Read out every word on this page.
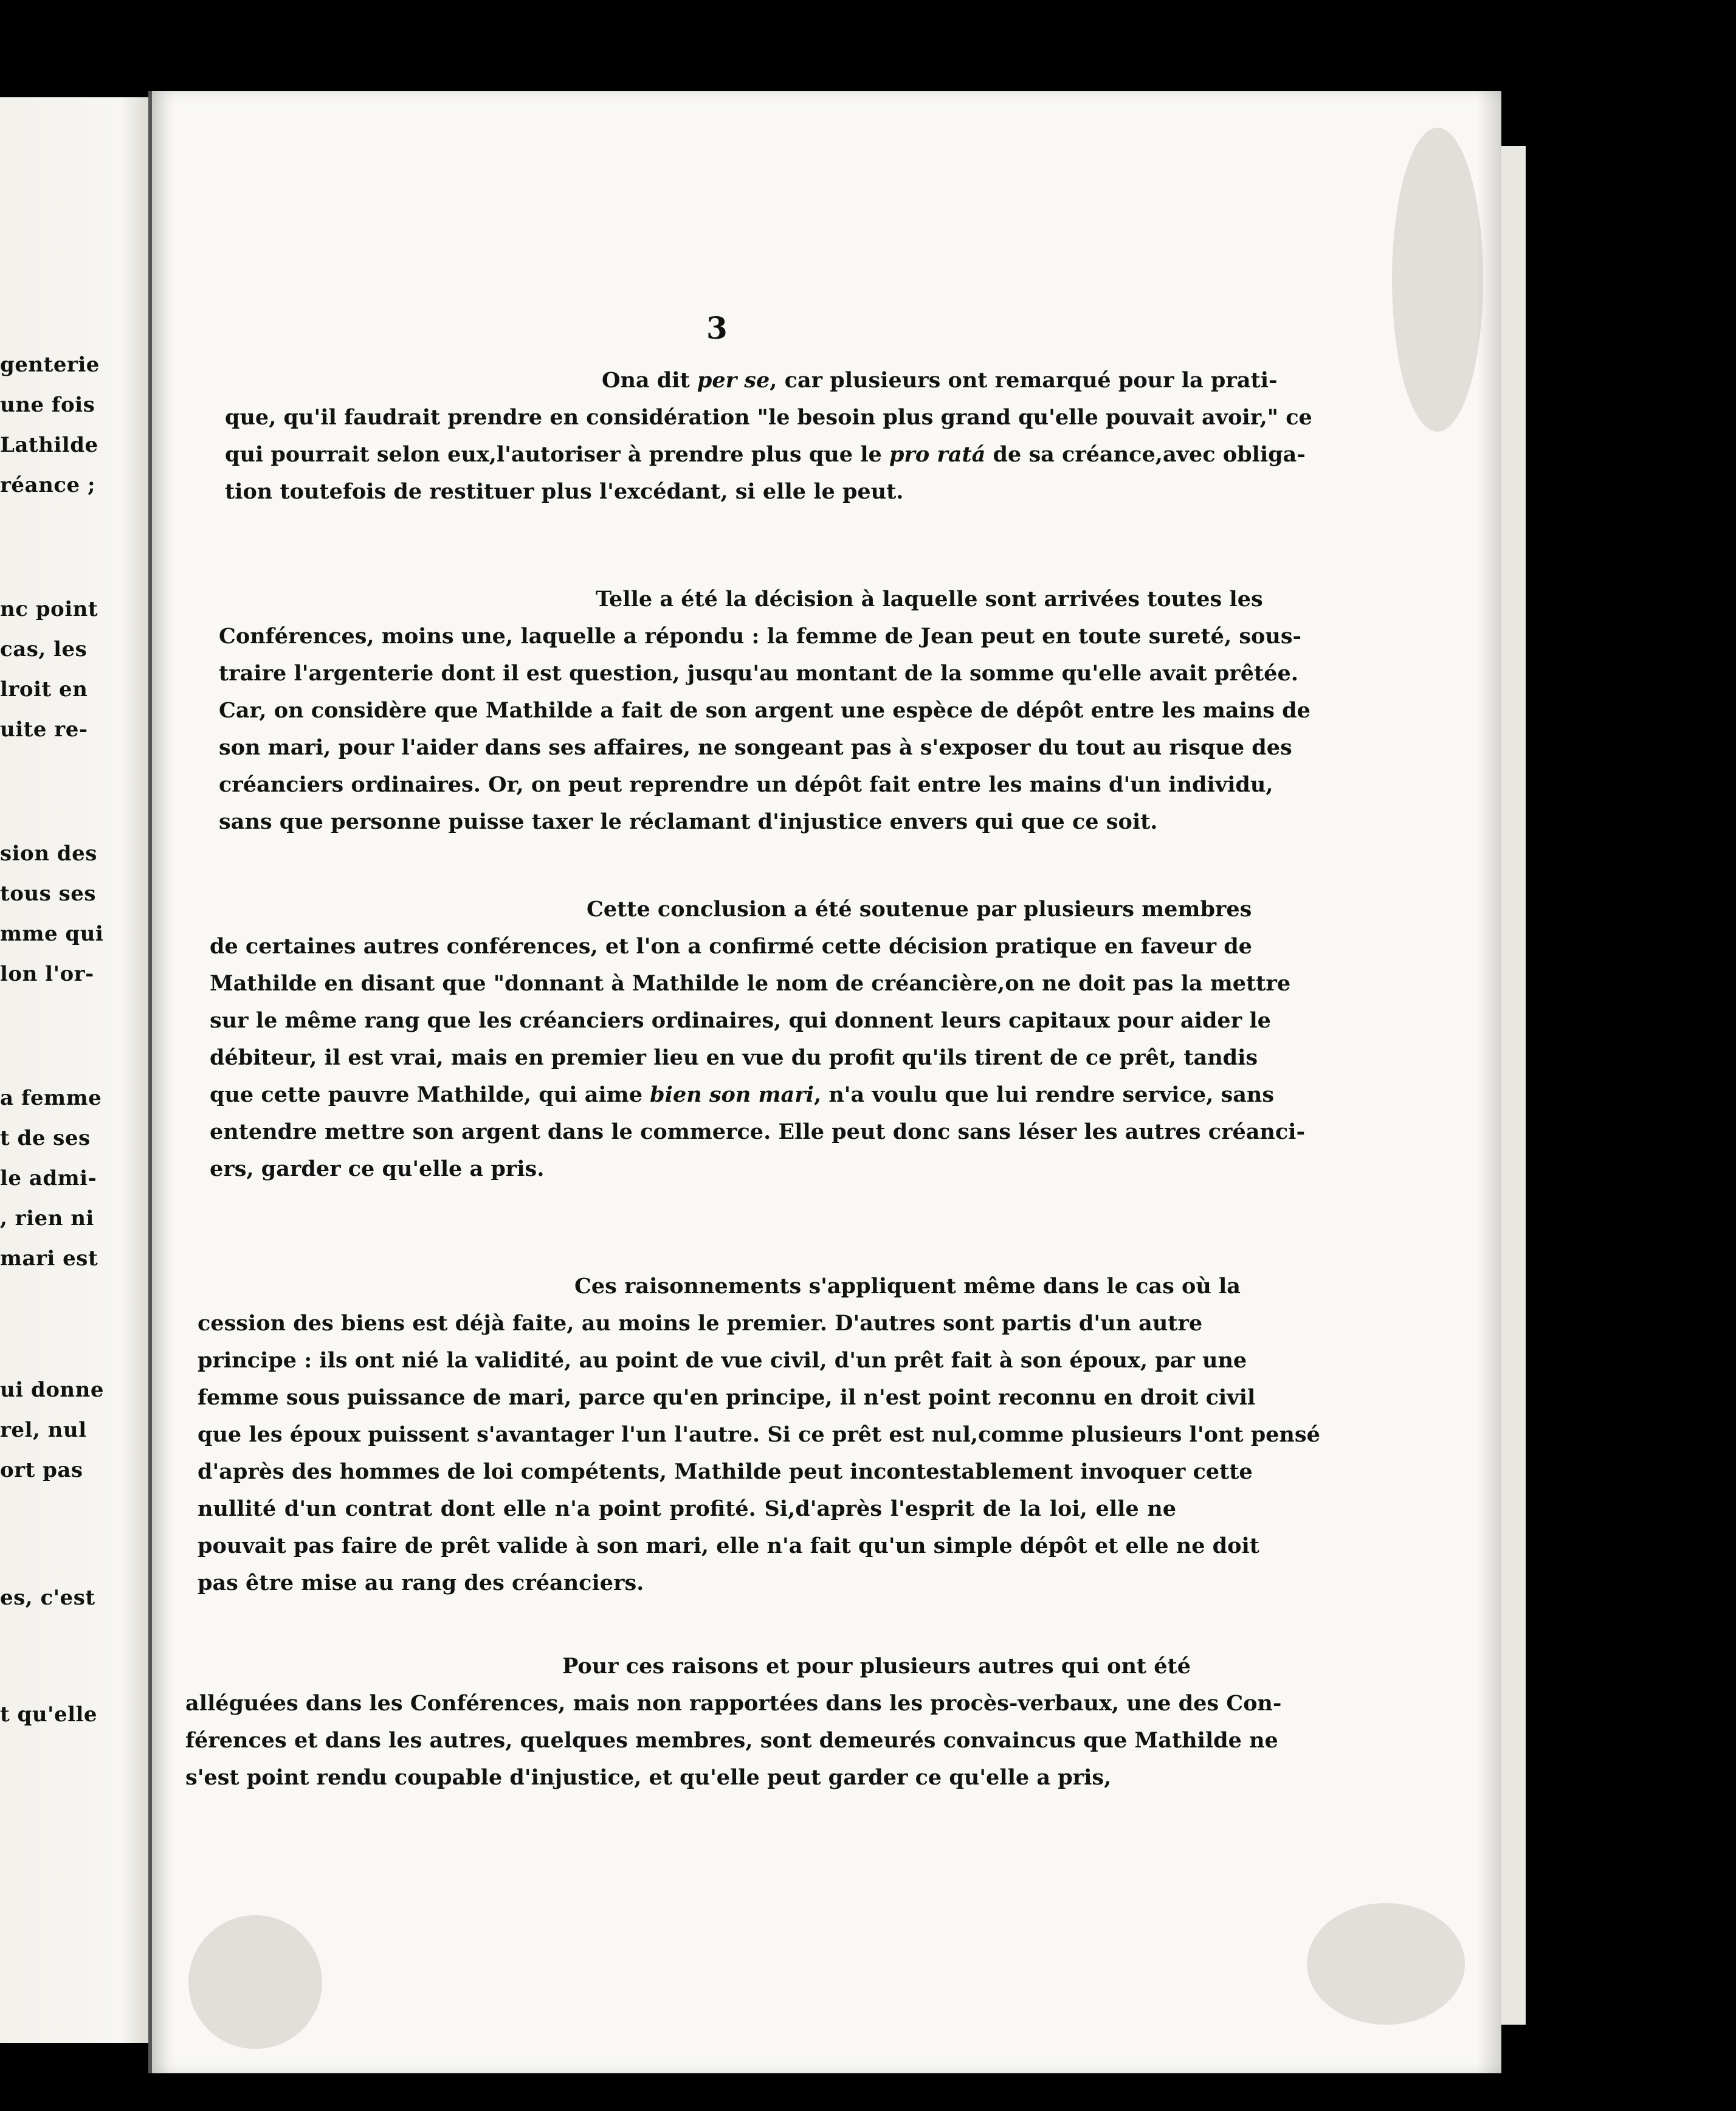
genterie
une fois
Lathilde
réance ;
nc point
cas, les
lroit en
uite re-
sion des
tous ses
mme qui
lon l'or-
a femme
t de ses
le admi-
, rien ni
mari est
ui donne
rel, nul
ort pas
es, c'est
t qu'elle
3
Ona dit per se, car plusieurs ont remarqué pour la prati-
que, qu'il faudrait prendre en considération "le besoin plus grand qu'elle pouvait avoir," ce
qui pourrait selon eux,l'autoriser à prendre plus que le pro ratá de sa créance,avec obliga-
tion toutefois de restituer plus l'excédant, si elle le peut.
Telle a été la décision à laquelle sont arrivées toutes les
Conférences, moins une, laquelle a répondu : la femme de Jean peut en toute sureté, sous-
traire l'argenterie dont il est question, jusqu'au montant de la somme qu'elle avait prêtée.
Car, on considère que Mathilde a fait de son argent une espèce de dépôt entre les mains de
son mari, pour l'aider dans ses affaires, ne songeant pas à s'exposer du tout au risque des
créanciers ordinaires. Or, on peut reprendre un dépôt fait entre les mains d'un individu,
sans que personne puisse taxer le réclamant d'injustice envers qui que ce soit.
Cette conclusion a été soutenue par plusieurs membres
de certaines autres conférences, et l'on a confirmé cette décision pratique en faveur de
Mathilde en disant que "donnant à Mathilde le nom de créancière,on ne doit pas la mettre
sur le même rang que les créanciers ordinaires, qui donnent leurs capitaux pour aider le
débiteur, il est vrai, mais en premier lieu en vue du profit qu'ils tirent de ce prêt, tandis
que cette pauvre Mathilde, qui aime bien son mari, n'a voulu que lui rendre service, sans
entendre mettre son argent dans le commerce. Elle peut donc sans léser les autres créanci-
ers, garder ce qu'elle a pris.
Ces raisonnements s'appliquent même dans le cas où la
cession des biens est déjà faite, au moins le premier. D'autres sont partis d'un autre
principe : ils ont nié la validité, au point de vue civil, d'un prêt fait à son époux, par une
femme sous puissance de mari, parce qu'en principe, il n'est point reconnu en droit civil
que les époux puissent s'avantager l'un l'autre. Si ce prêt est nul,comme plusieurs l'ont pensé
d'après des hommes de loi compétents, Mathilde peut incontestablement invoquer cette
nullité d'un contrat dont elle n'a point profité. Si,d'après l'esprit de la loi, elle ne
pouvait pas faire de prêt valide à son mari, elle n'a fait qu'un simple dépôt et elle ne doit
pas être mise au rang des créanciers.
Pour ces raisons et pour plusieurs autres qui ont été
alléguées dans les Conférences, mais non rapportées dans les procès-verbaux, une des Con-
férences et dans les autres, quelques membres, sont demeurés convaincus que Mathilde ne
s'est point rendu coupable d'injustice, et qu'elle peut garder ce qu'elle a pris,
